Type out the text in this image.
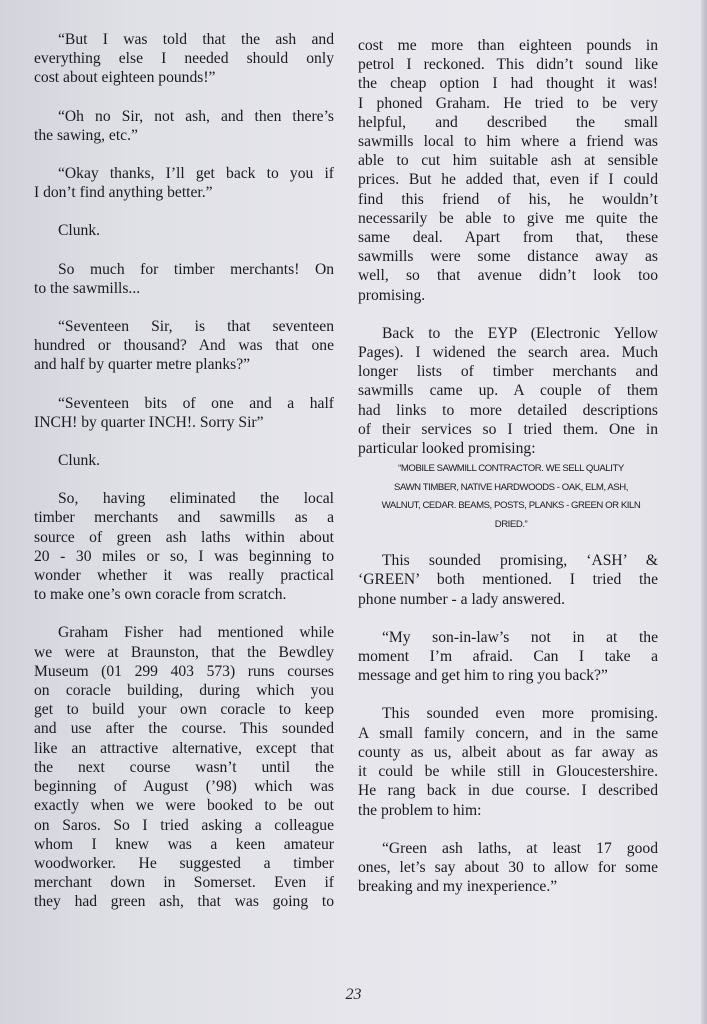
“But I was told that the ash and
everything else I needed should only
cost about eighteen pounds!”
“Oh no Sir, not ash, and then there’s
the sawing, etc.”
“Okay thanks, I’ll get back to you if
I don’t find anything better.”
Clunk.
So much for timber merchants! On
to the sawmills...
“Seventeen Sir, is that seventeen
hundred or thousand? And was that one
and half by quarter metre planks?”
“Seventeen bits of one and a half
INCH! by quarter INCH!. Sorry Sir”
Clunk.
So, having eliminated the local
timber merchants and sawmills as a
source of green ash laths within about
20 - 30 miles or so, I was beginning to
wonder whether it was really practical
to make one’s own coracle from scratch.
Graham Fisher had mentioned while
we were at Braunston, that the Bewdley
Museum (01 299 403 573) runs courses
on coracle building, during which you
get to build your own coracle to keep
and use after the course. This sounded
like an attractive alternative, except that
the next course wasn’t until the
beginning of August (’98) which was
exactly when we were booked to be out
on Saros. So I tried asking a colleague
whom I knew was a keen amateur
woodworker. He suggested a timber
merchant down in Somerset. Even if
they had green ash, that was going to
cost me more than eighteen pounds in
petrol I reckoned. This didn’t sound like
the cheap option I had thought it was!
I phoned Graham. He tried to be very
helpful, and described the small
sawmills local to him where a friend was
able to cut him suitable ash at sensible
prices. But he added that, even if I could
find this friend of his, he wouldn’t
necessarily be able to give me quite the
same deal. Apart from that, these
sawmills were some distance away as
well, so that avenue didn’t look too
promising.
Back to the EYP (Electronic Yellow
Pages). I widened the search area. Much
longer lists of timber merchants and
sawmills came up. A couple of them
had links to more detailed descriptions
of their services so I tried them. One in
particular looked promising:
“MOBILE SAWMILL CONTRACTOR. WE SELL QUALITY
SAWN TIMBER, NATIVE HARDWOODS - OAK, ELM, ASH,
WALNUT, CEDAR. BEAMS, POSTS, PLANKS - GREEN OR KILN
DRIED.”
This sounded promising, ‘ASH’ &
‘GREEN’ both mentioned. I tried the
phone number - a lady answered.
“My son-in-law’s not in at the
moment I’m afraid. Can I take a
message and get him to ring you back?”
This sounded even more promising.
A small family concern, and in the same
county as us, albeit about as far away as
it could be while still in Gloucestershire.
He rang back in due course. I described
the problem to him:
“Green ash laths, at least 17 good
ones, let’s say about 30 to allow for some
breaking and my inexperience.”
23
